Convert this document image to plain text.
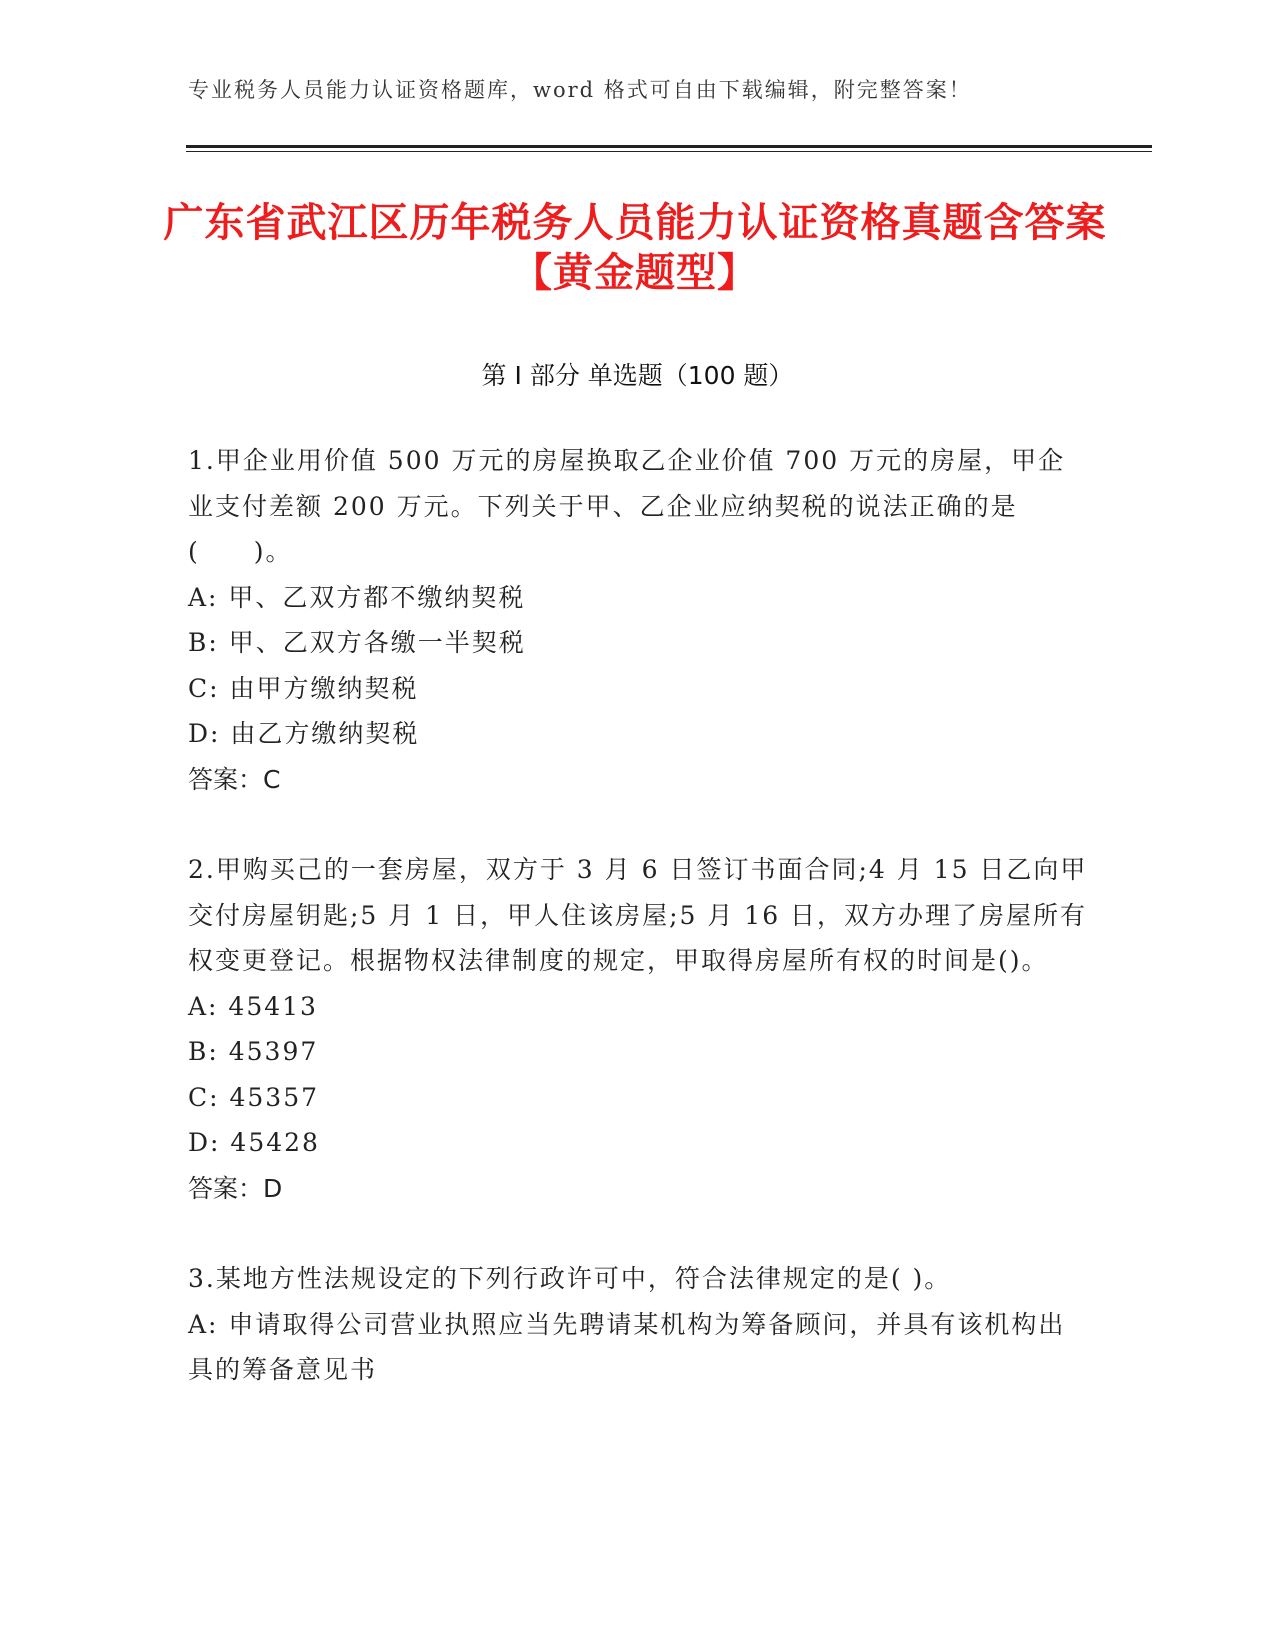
专业税务人员能力认证资格题库，word 格式可自由下载编辑，附完整答案！
广东省武江区历年税务人员能力认证资格真题含答案【黄金题型】
第 I 部分 单选题（100 题）
1.甲企业用价值 500 万元的房屋换取乙企业价值 700 万元的房屋，甲企业支付差额 200 万元。下列关于甲、乙企业应纳契税的说法正确的是(　　)。
A: 甲、乙双方都不缴纳契税
B: 甲、乙双方各缴一半契税
C: 由甲方缴纳契税
D: 由乙方缴纳契税
答案：C
2.甲购买己的一套房屋，双方于 3 月 6 日签订书面合同;4 月 15 日乙向甲交付房屋钥匙;5 月 1 日，甲人住该房屋;5 月 16 日，双方办理了房屋所有权变更登记。根据物权法律制度的规定，甲取得房屋所有权的时间是()。
A: 45413
B: 45397
C: 45357
D: 45428
答案：D
3.某地方性法规设定的下列行政许可中，符合法律规定的是( )。
A: 申请取得公司营业执照应当先聘请某机构为筹备顾问，并具有该机构出具的筹备意见书
